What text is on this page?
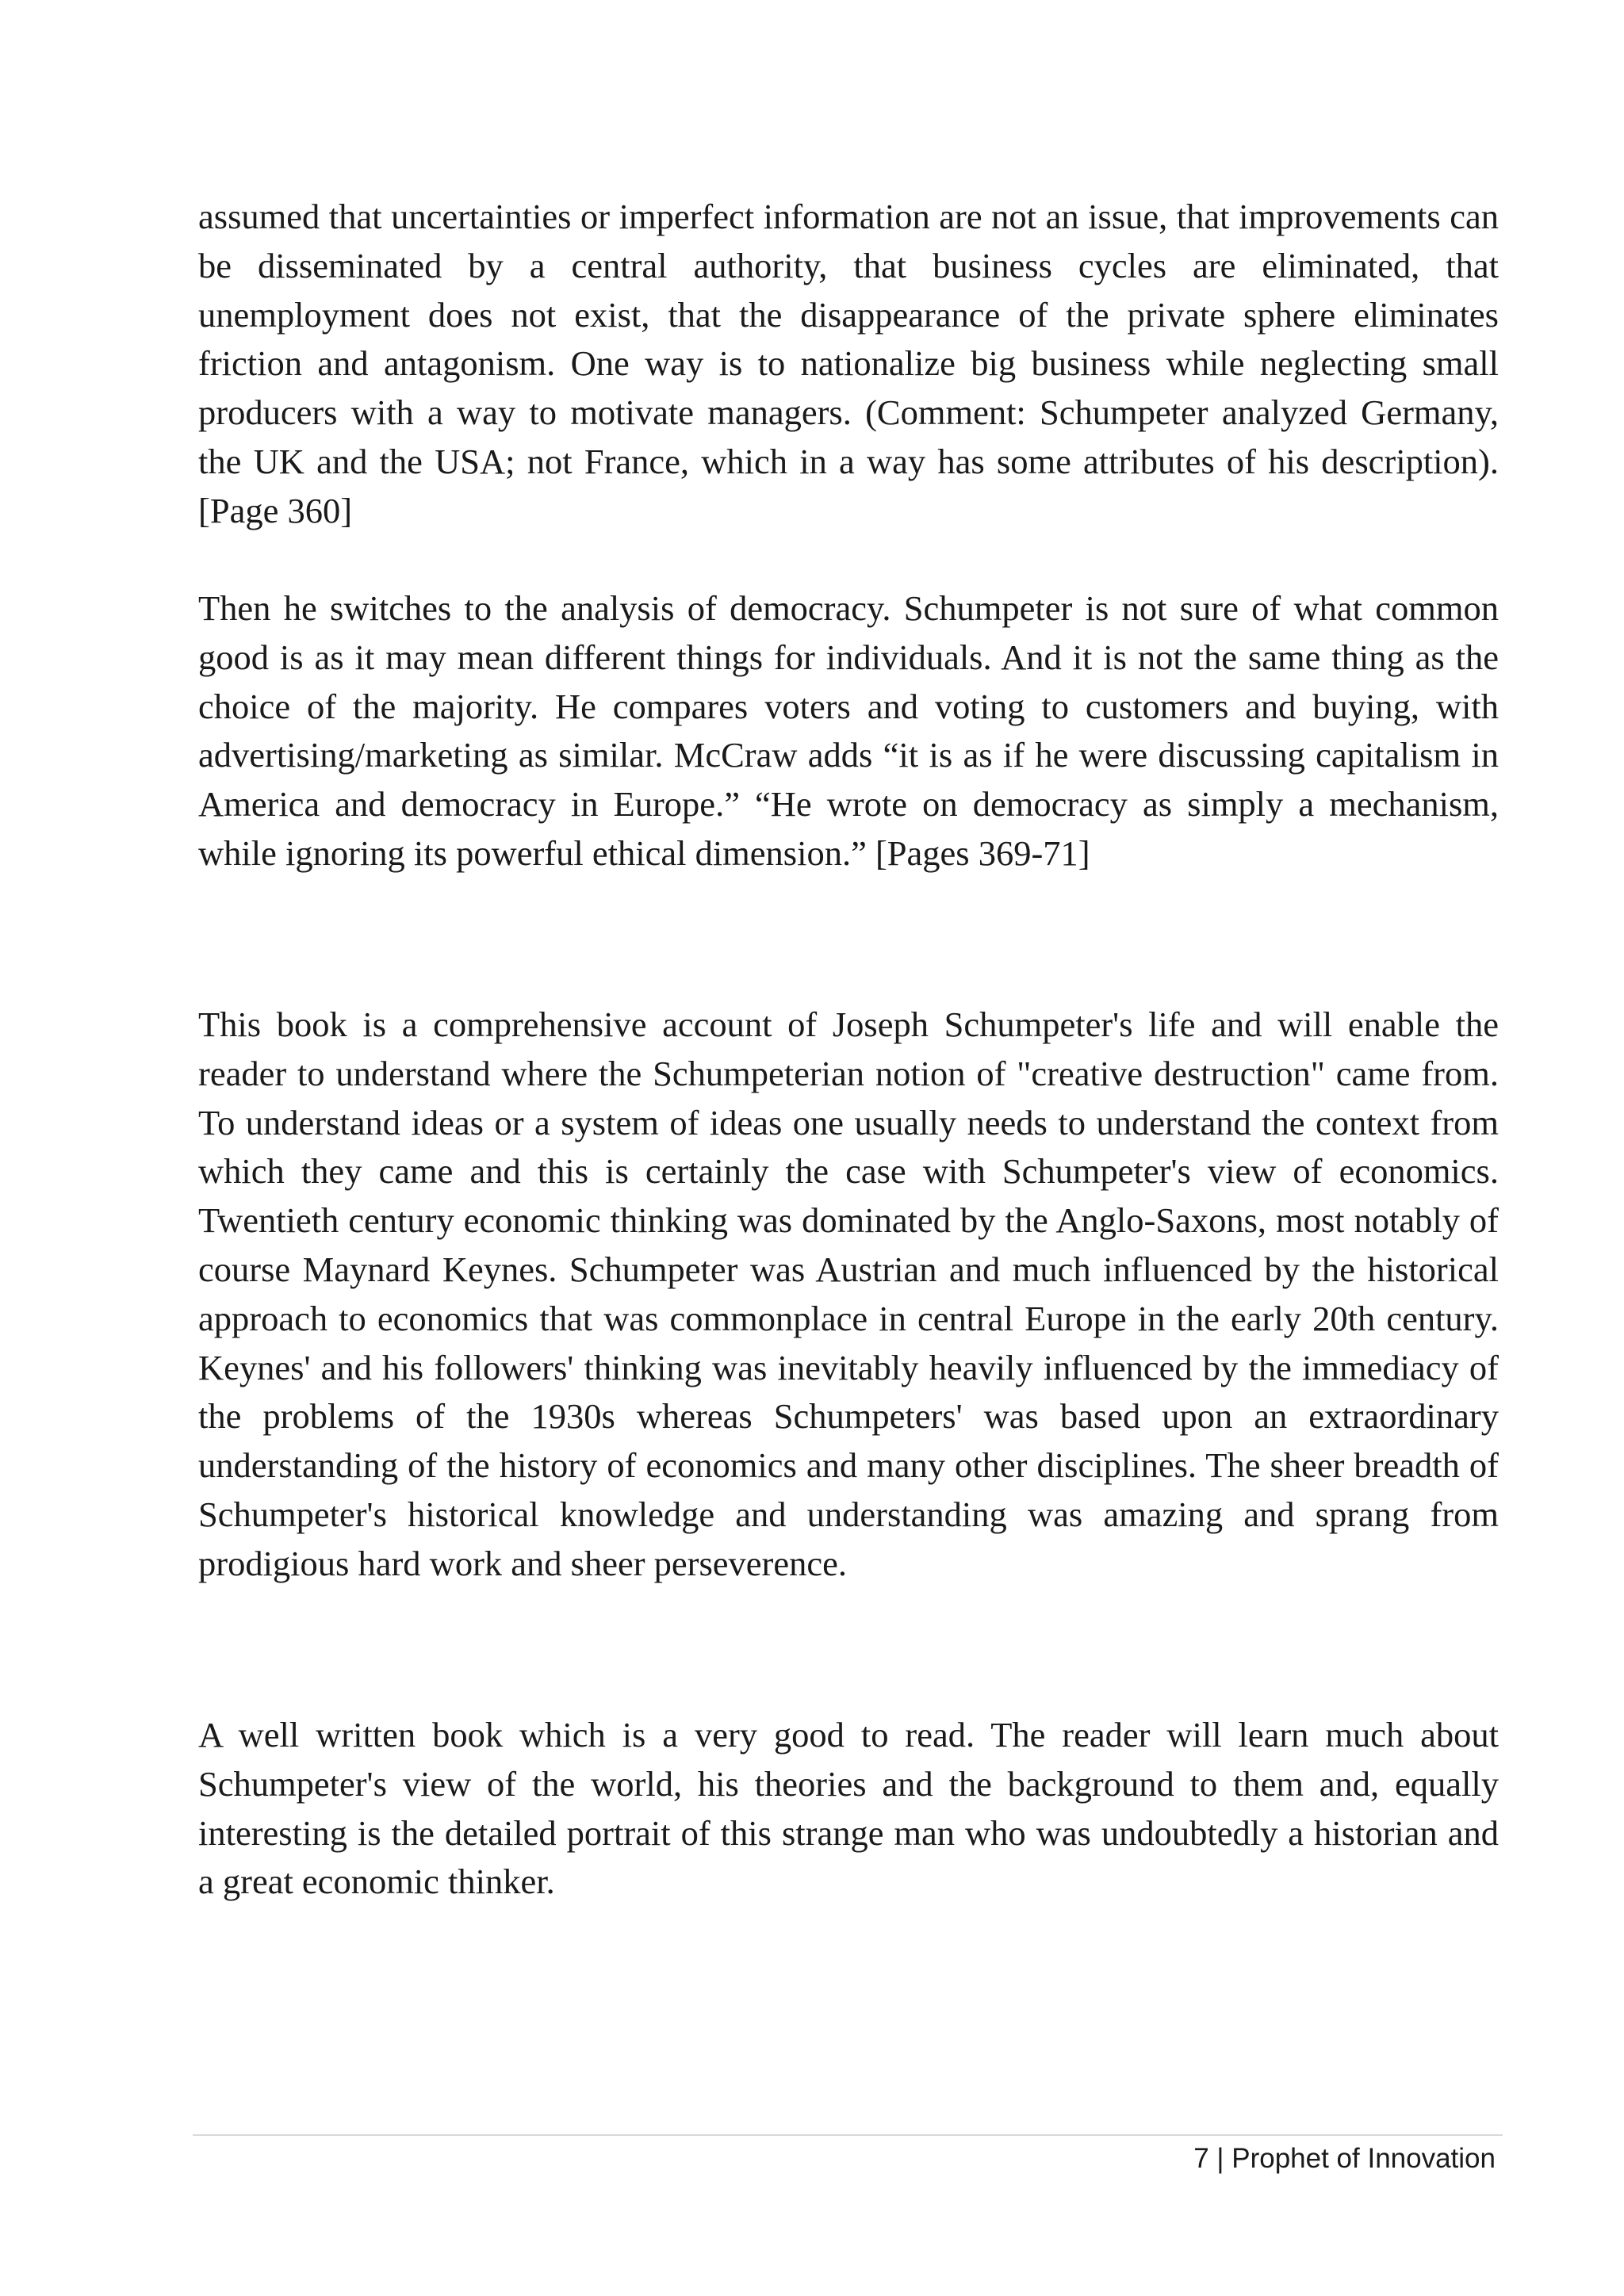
assumed that uncertainties or imperfect information are not an issue, that improvements can be disseminated by a central authority, that business cycles are eliminated, that unemployment does not exist, that the disappearance of the private sphere eliminates friction and antagonism. One way is to nationalize big business while neglecting small producers with a way to motivate managers. (Comment: Schumpeter analyzed Germany, the UK and the USA; not France, which in a way has some attributes of his description). [Page 360]

Then he switches to the analysis of democracy. Schumpeter is not sure of what common good is as it may mean different things for individuals. And it is not the same thing as the choice of the majority. He compares voters and voting to customers and buying, with advertising/marketing as similar. McCraw adds “it is as if he were discussing capitalism in America and democracy in Europe.” “He wrote on democracy as simply a mechanism, while ignoring its powerful ethical dimension.” [Pages 369-71]

This book is a comprehensive account of Joseph Schumpeter's life and will enable the reader to understand where the Schumpeterian notion of "creative destruction" came from. To understand ideas or a system of ideas one usually needs to understand the context from which they came and this is certainly the case with Schumpeter's view of economics. Twentieth century economic thinking was dominated by the Anglo-Saxons, most notably of course Maynard Keynes. Schumpeter was Austrian and much influenced by the historical approach to economics that was commonplace in central Europe in the early 20th century. Keynes' and his followers' thinking was inevitably heavily influenced by the immediacy of the problems of the 1930s whereas Schumpeters' was based upon an extraordinary understanding of the history of economics and many other disciplines. The sheer breadth of Schumpeter's historical knowledge and understanding was amazing and sprang from prodigious hard work and sheer perseverence.

A well written book which is a very good to read. The reader will learn much about Schumpeter's view of the world, his theories and the background to them and, equally interesting is the detailed portrait of this strange man who was undoubtedly a historian and a great economic thinker.

7 | Prophet of Innovation
